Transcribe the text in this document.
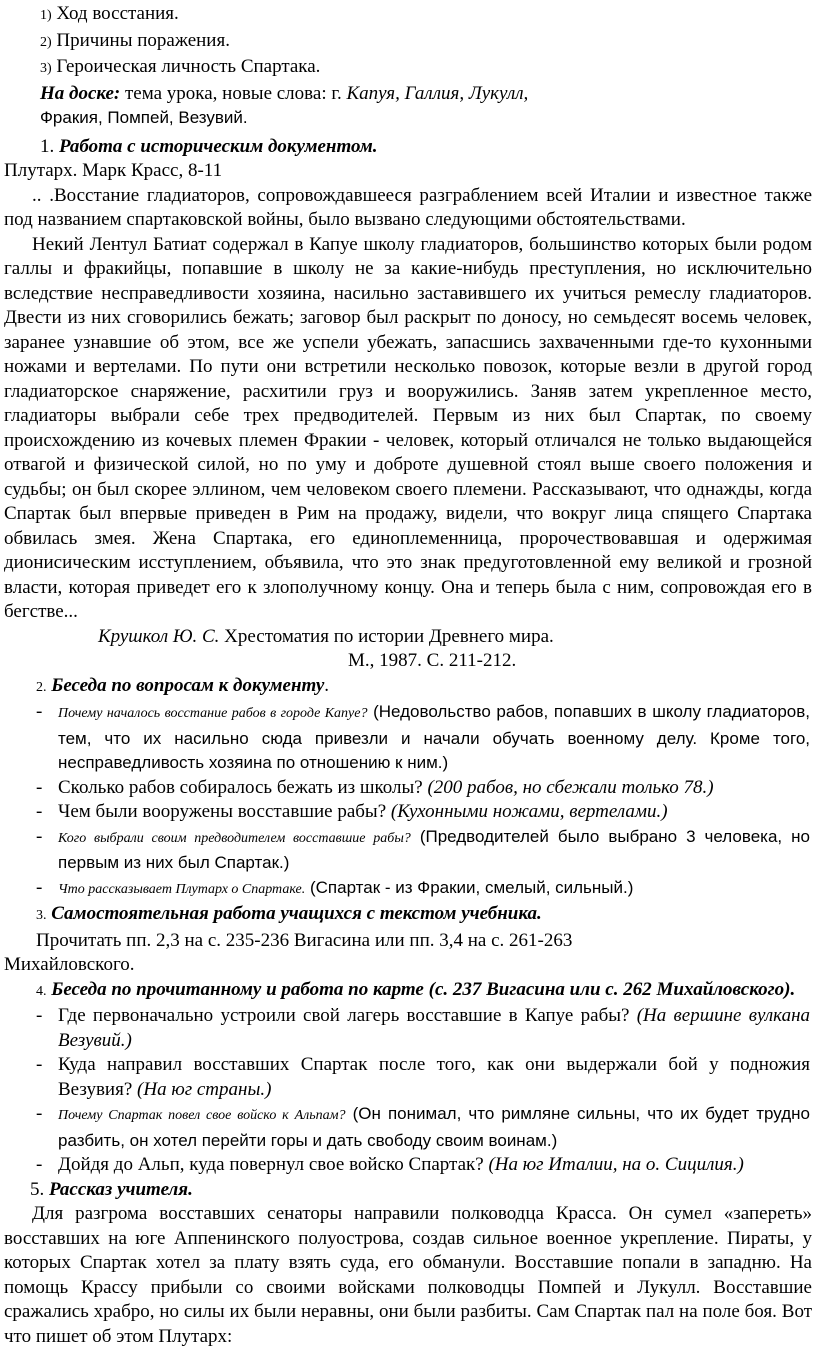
1) Ход восстания.

2) Причины поражения.

3) Героическая личность Спартака.

На доске: тема урока, новые слова: г. Капуя, Галлия, Лукулл,

Фракия, Помпей, Везувий.

1. Работа с историческим документом.

Плутарх. Марк Красс, 8-11

.. .Восстание гладиаторов, сопровождавшееся разграблением всей Италии и известное также под названием спартаковской войны, было вызвано следующими обстоятельствами.

Некий Лентул Батиат содержал в Капуе школу гладиаторов, большинство которых были родом галлы и фракийцы, попавшие в школу не за какие-нибудь преступления, но исключительно вследствие несправедливости хозяина, насильно заставившего их учиться ремеслу гладиаторов. Двести из них сговорились бежать; заговор был раскрыт по доносу, но семьдесят восемь человек, заранее узнавшие об этом, все же успели убежать, запасшись захваченными где-то кухонными ножами и вертелами. По пути они встретили несколько повозок, которые везли в другой город гладиаторское снаряжение, расхитили груз и вооружились. Заняв затем укрепленное место, гладиаторы выбрали себе трех предводителей. Первым из них был Спартак, по своему происхождению из кочевых племен Фракии - человек, который отличался не только выдающейся отвагой и физической силой, но по уму и доброте душевной стоял выше своего положения и судьбы; он был скорее эллином, чем человеком своего племени. Рассказывают, что однажды, когда Спартак был впервые приведен в Рим на продажу, видели, что вокруг лица спящего Спартака обвилась змея. Жена Спартака, его единоплеменница, пророчествовавшая и одержимая дионисическим исступлением, объявила, что это знак предуготовленной ему великой и грозной власти, которая приведет его к злополучному концу. Она и теперь была с ним, сопровождая его в бегстве...

Крушкол Ю. С. Хрестоматия по истории Древнего мира.

М., 1987. С. 211-212.

2. Беседа по вопросам к документу.

-	Почему началось восстание рабов в городе Капуе? (Недовольство рабов, попавших в школу гладиаторов, тем, что их насильно сюда привезли и начали обучать военному делу. Кроме того, несправедливость хозяина по отношению к ним.)
- Сколько рабов собиралось бежать из школы? (200 рабов, но сбежали только 78.)
- Чем были вооружены восставшие рабы? (Кухонными ножами, вертелами.)
-	Кого выбрали своим предводителем восставшие рабы? (Предводителей было выбрано 3 человека, но первым из них был Спартак.)
-	Что рассказывает Плутарх о Спартаке. (Спартак - из Фракии, смелый, сильный.)

3. Самостоятельная работа учащихся с текстом учебника.

Прочитать пп. 2,3 на с. 235-236 Вигасина или пп. 3,4 на с. 261-263

Михайловского.

4. Беседа по прочитанному и работа по карте (с. 237 Вигасина или с. 262 Михайловского).

- Где первоначально устроили свой лагерь восставшие в Капуе рабы? (На вершине вулкана Везувий.)
- Куда направил восставших Спартак после того, как они выдержали бой у подножия Везувия? (На юг страны.)
-	Почему Спартак повел свое войско к Альпам? (Он понимал, что римляне сильны, что их будет трудно разбить, он хотел перейти горы и дать свободу своим воинам.)
- Дойдя до Альп, куда повернул свое войско Спартак? (На юг Италии, на о. Сицилия.)

5. Рассказ учителя.

Для разгрома восставших сенаторы направили полководца Красса. Он сумел «запереть» восставших на юге Аппенинского полуострова, создав сильное военное укрепление. Пираты, у которых Спартак хотел за плату взять суда, его обманули. Восставшие попали в западню. На помощь Крассу прибыли со своими войсками полководцы Помпей и Лукулл. Восставшие сражались храбро, но силы их были неравны, они были разбиты. Сам Спартак пал на поле боя. Вот что пишет об этом Плутарх:
